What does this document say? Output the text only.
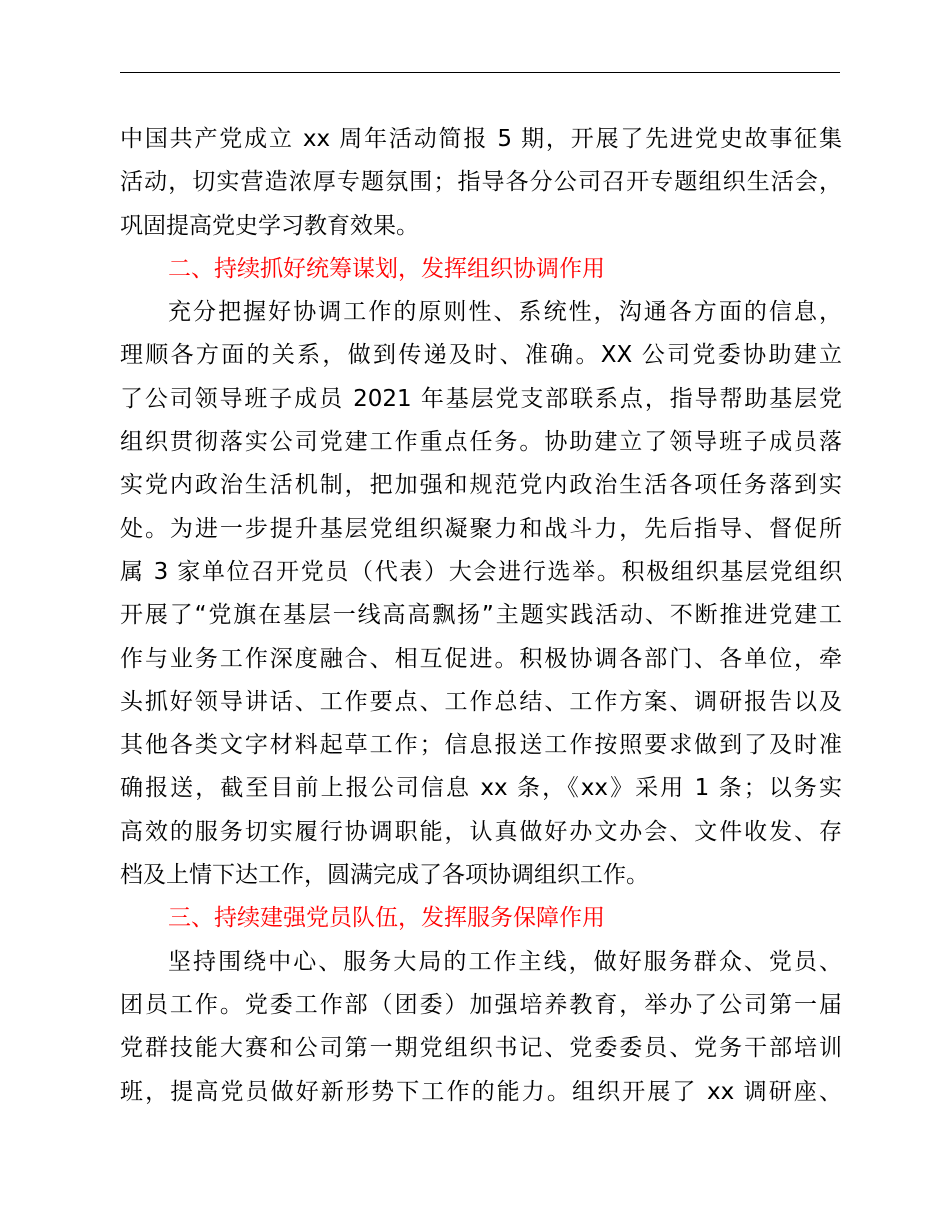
中国共产党成立 xx 周年活动简报 5 期，开展了先进党史故事征集
活动，切实营造浓厚专题氛围；指导各分公司召开专题组织生活会，
巩固提高党史学习教育效果。
二、持续抓好统筹谋划，发挥组织协调作用
充分把握好协调工作的原则性、系统性，沟通各方面的信息，
理顺各方面的关系，做到传递及时、准确。XX 公司党委协助建立
了公司领导班子成员 2021 年基层党支部联系点，指导帮助基层党
组织贯彻落实公司党建工作重点任务。协助建立了领导班子成员落
实党内政治生活机制，把加强和规范党内政治生活各项任务落到实
处。为进一步提升基层党组织凝聚力和战斗力，先后指导、督促所
属 3 家单位召开党员（代表）大会进行选举。积极组织基层党组织
开展了“党旗在基层一线高高飘扬”主题实践活动、不断推进党建工
作与业务工作深度融合、相互促进。积极协调各部门、各单位，牵
头抓好领导讲话、工作要点、工作总结、工作方案、调研报告以及
其他各类文字材料起草工作；信息报送工作按照要求做到了及时准
确报送，截至目前上报公司信息 xx 条，《xx》采用 1 条；以务实
高效的服务切实履行协调职能，认真做好办文办会、文件收发、存
档及上情下达工作，圆满完成了各项协调组织工作。
三、持续建强党员队伍，发挥服务保障作用
坚持围绕中心、服务大局的工作主线，做好服务群众、党员、
团员工作。党委工作部（团委）加强培养教育，举办了公司第一届
党群技能大赛和公司第一期党组织书记、党委委员、党务干部培训
班，提高党员做好新形势下工作的能力。组织开展了 xx 调研座、
